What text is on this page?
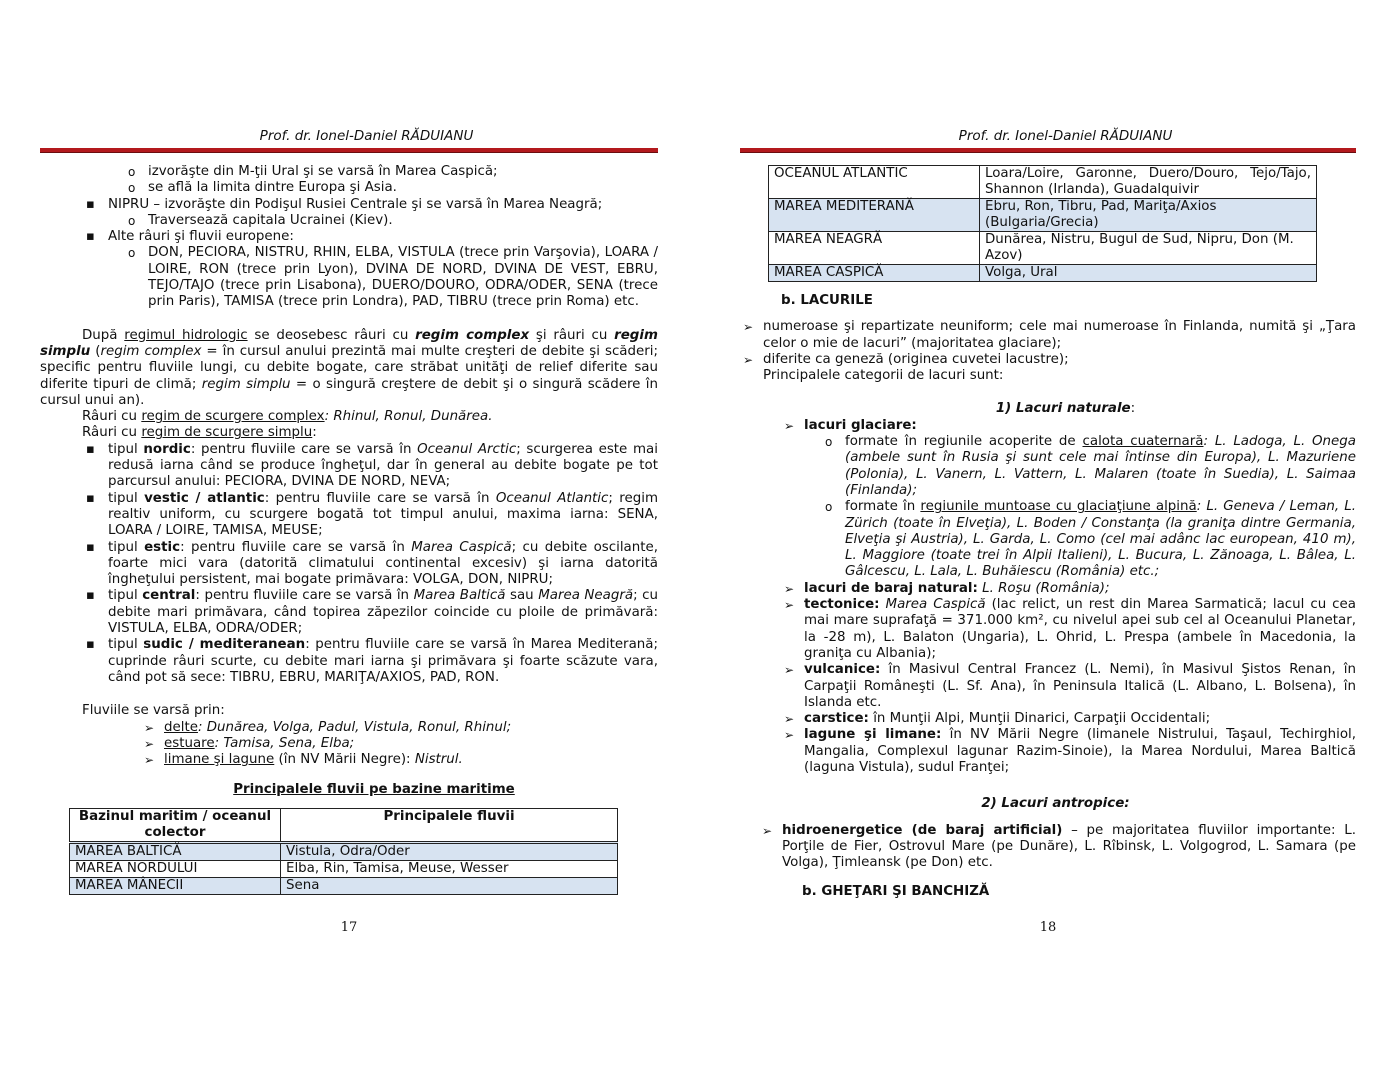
Prof. dr. Ionel-Daniel RĂDUIANU
o izvorăşte din M-ţii Ural şi se varsă în Marea Caspică;
o se află la limita dintre Europa şi Asia.
▪ NIPRU – izvorăşte din Podişul Rusiei Centrale şi se varsă în Marea Neagră;
o Traversează capitala Ucrainei (Kiev).
▪ Alte râuri şi fluvii europene:
o DON, PECIORA, NISTRU, RHIN, ELBA, VISTULA (trece prin Varşovia), LOARA / LOIRE, RON (trece prin Lyon), DVINA DE NORD, DVINA DE VEST, EBRU, TEJO/TAJO (trece prin Lisabona), DUERO/DOURO, ODRA/ODER, SENA (trece prin Paris), TAMISA (trece prin Londra), PAD, TIBRU (trece prin Roma) etc.
După regimul hidrologic se deosebesc râuri cu regim complex şi râuri cu regim simplu (regim complex = în cursul anului prezintă mai multe creşteri de debite şi scăderi; specific pentru fluviile lungi, cu debite bogate, care străbat unităţi de relief diferite sau diferite tipuri de climă; regim simplu = o singură creştere de debit şi o singură scădere în cursul unui an).
Râuri cu regim de scurgere complex: Rhinul, Ronul, Dunărea.
Râuri cu regim de scurgere simplu:
▪ tipul nordic: pentru fluviile care se varsă în Oceanul Arctic; scurgerea este mai redusă iarna când se produce îngheţul, dar în general au debite bogate pe tot parcursul anului: PECIORA, DVINA DE NORD, NEVA;
▪ tipul vestic / atlantic: pentru fluviile care se varsă în Oceanul Atlantic; regim realtiv uniform, cu scurgere bogată tot timpul anului, maxima iarna: SENA, LOARA / LOIRE, TAMISA, MEUSE;
▪ tipul estic: pentru fluviile care se varsă în Marea Caspică; cu debite oscilante, foarte mici vara (datorită climatului continental excesiv) şi iarna datorită îngheţului persistent, mai bogate primăvara: VOLGA, DON, NIPRU;
▪ tipul central: pentru fluviile care se varsă în Marea Baltică sau Marea Neagră; cu debite mari primăvara, când topirea zăpezilor coincide cu ploile de primăvară: VISTULA, ELBA, ODRA/ODER;
▪ tipul sudic / mediteranean: pentru fluviile care se varsă în Marea Mediterană; cuprinde râuri scurte, cu debite mari iarna şi primăvara şi foarte scăzute vara, când pot să sece: TIBRU, EBRU, MARIŢA/AXIOS, PAD, RON.
Fluviile se varsă prin:
➢ delte: Dunărea, Volga, Padul, Vistula, Ronul, Rhinul;
➢ estuare: Tamisa, Sena, Elba;
➢ limane şi lagune (în NV Mării Negre): Nistrul.
Principalele fluvii pe bazine maritime
Bazinul maritim / oceanul colector	Principalele fluvii
MAREA BALTICĂ	Vistula, Odra/Oder
MAREA NORDULUI	Elba, Rin, Tamisa, Meuse, Wesser
MAREA MÂNECII	Sena
17
Prof. dr. Ionel-Daniel RĂDUIANU
OCEANUL ATLANTIC	Loara/Loire, Garonne, Duero/Douro, Tejo/Tajo, Shannon (Irlanda), Guadalquivir
MAREA MEDITERANĂ	Ebru, Ron, Tibru, Pad, Mariţa/Axios (Bulgaria/Grecia)
MAREA NEAGRĂ	Dunărea, Nistru, Bugul de Sud, Nipru, Don (M. Azov)
MAREA CASPICĂ	Volga, Ural
b. LACURILE
➢ numeroase şi repartizate neuniform; cele mai numeroase în Finlanda, numită şi „Ţara celor o mie de lacuri” (majoritatea glaciare);
➢ diferite ca geneză (originea cuvetei lacustre);
Principalele categorii de lacuri sunt:
1) Lacuri naturale:
➢ lacuri glaciare:
o formate în regiunile acoperite de calota cuaternară: L. Ladoga, L. Onega (ambele sunt în Rusia şi sunt cele mai întinse din Europa), L. Mazuriene (Polonia), L. Vanern, L. Vattern, L. Malaren (toate în Suedia), L. Saimaa (Finlanda);
o formate în regiunile muntoase cu glaciaţiune alpină: L. Geneva / Leman, L. Zürich (toate în Elveţia), L. Boden / Constanţa (la graniţa dintre Germania, Elveţia şi Austria), L. Garda, L. Como (cel mai adânc lac european, 410 m), L. Maggiore (toate trei în Alpii Italieni), L. Bucura, L. Zănoaga, L. Bâlea, L. Gâlcescu, L. Lala, L. Buhăiescu (România) etc.;
➢ lacuri de baraj natural: L. Roşu (România);
➢ tectonice: Marea Caspică (lac relict, un rest din Marea Sarmatică; lacul cu cea mai mare suprafaţă = 371.000 km², cu nivelul apei sub cel al Oceanului Planetar, la -28 m), L. Balaton (Ungaria), L. Ohrid, L. Prespa (ambele în Macedonia, la graniţa cu Albania);
➢ vulcanice: în Masivul Central Francez (L. Nemi), în Masivul Şistos Renan, în Carpaţii Româneşti (L. Sf. Ana), în Peninsula Italică (L. Albano, L. Bolsena), în Islanda etc.
➢ carstice: în Munţii Alpi, Munţii Dinarici, Carpaţii Occidentali;
➢ lagune şi limane: în NV Mării Negre (limanele Nistrului, Taşaul, Techirghiol, Mangalia, Complexul lagunar Razim-Sinoie), la Marea Nordului, Marea Baltică (laguna Vistula), sudul Franţei;
2) Lacuri antropice:
➢ hidroenergetice (de baraj artificial) – pe majoritatea fluviilor importante: L. Porţile de Fier, Ostrovul Mare (pe Dunăre), L. Rîbinsk, L. Volgogrod, L. Samara (pe Volga), Ţimleansk (pe Don) etc.
b. GHEŢARI ŞI BANCHIZĂ
18
